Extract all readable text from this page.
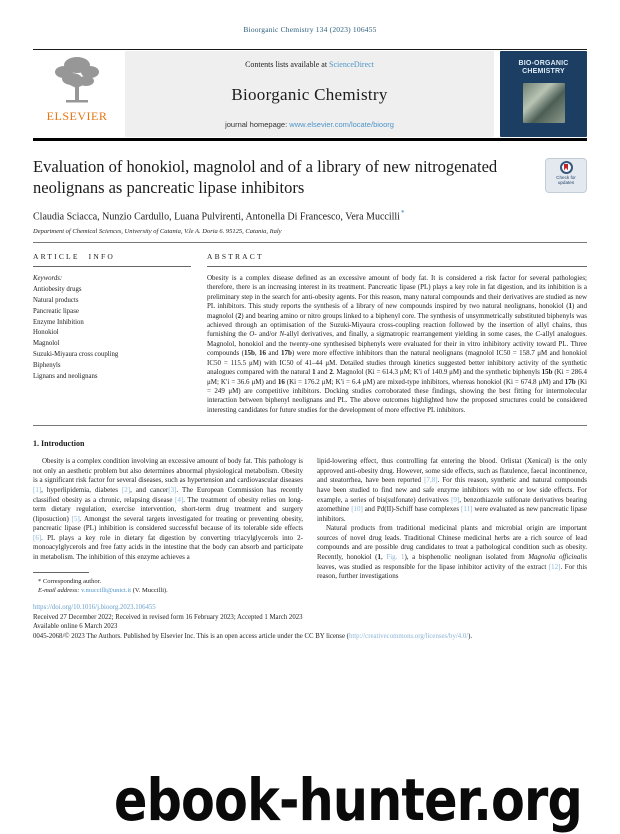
Bioorganic Chemistry 134 (2023) 106455
ELSEVIER
Contents lists available at ScienceDirect
Bioorganic Chemistry
journal homepage: www.elsevier.com/locate/bioorg
BIO-ORGANIC
CHEMISTRY
Evaluation of honokiol, magnolol and of a library of new nitrogenated neolignans as pancreatic lipase inhibitors
Check for updates
Claudia Sciacca, Nunzio Cardullo, Luana Pulvirenti, Antonella Di Francesco, Vera Muccilli*
Department of Chemical Sciences, University of Catania, V.le A. Doria 6. 95125, Catania, Italy
ARTICLE INFO
Keywords:
Antiobesity drugs
Natural products
Pancreatic lipase
Enzyme Inhibition
Honokiol
Magnolol
Suzuki-Miyaura cross coupling
Biphenyls
Lignans and neolignans
ABSTRACT
Obesity is a complex disease defined as an excessive amount of body fat. It is considered a risk factor for several pathologies; therefore, there is an increasing interest in its treatment. Pancreatic lipase (PL) plays a key role in fat digestion, and its inhibition is a preliminary step in the search for anti-obesity agents. For this reason, many natural compounds and their derivatives are studied as new PL inhibitors. This study reports the synthesis of a library of new compounds inspired by two natural neolignans, honokiol (1) and magnolol (2) and bearing amino or nitro groups linked to a biphenyl core. The synthesis of unsymmetrically substituted biphenyls was achieved through an optimisation of the Suzuki-Miyaura cross-coupling reaction followed by the insertion of allyl chains, thus furnishing the O- and/or N-allyl derivatives, and finally, a sigmatropic rearrangement yielding in some cases, the C-allyl analogues. Magnolol, honokiol and the twenty-one synthesised biphenyls were evaluated for their in vitro inhibitory activity toward PL. Three compounds (15b, 16 and 17b) were more effective inhibitors than the natural neolignans (magnolol IC50 = 158.7 μM and honokiol IC50 = 115.5 μM) with IC50 of 41–44 μM. Detailed studies through kinetics suggested better inhibitory activity of the synthetic analogues compared with the natural 1 and 2. Magnolol (Ki = 614.3 μM; K′i of 140.9 μM) and the synthetic biphenyls 15b (Ki = 286.4 μM; K′i = 36.6 μM) and 16 (Ki = 176.2 μM; K′i = 6.4 μM) are mixed-type inhibitors, whereas honokiol (Ki = 674.8 μM) and 17b (Ki = 249 μM) are competitive inhibitors. Docking studies corroborated these findings, showing the best fitting for intermolecular interaction between biphenyl neolignans and PL. The above outcomes highlighted how the proposed structures could be considered interesting candidates for future studies for the development of more effective PL inhibitors.
1. Introduction

Obesity is a complex condition involving an excessive amount of body fat. This pathology is not only an aesthetic problem but also determines abnormal physiological metabolism. Obesity is a significant risk factor for several diseases, such as hypertension and cardiovascular diseases [1], hyperlipidemia, diabetes [2], and cancer[3]. The European Commission has recently classified obesity as a chronic, relapsing disease [4]. The treatment of obesity relies on long-term dietary regulation, exercise intervention, short-term drug treatment and surgery (liposuction) [5]. Amongst the several targets investigated for treating or preventing obesity, pancreatic lipase (PL) inhibition is considered successful because of its tolerable side effects [6]. PL plays a key role in dietary fat digestion by converting triacylglycerols into 2-monoacylglycerols and free fatty acids in the intestine that the body can absorb and participate in metabolism. The inhibition of this enzyme achieves a

* Corresponding author.
E-mail address: v.muccilli@unict.it (V. Muccilli).

lipid-lowering effect, thus controlling fat entering the blood. Orlistat (Xenical) is the only approved anti-obesity drug. However, some side effects, such as flatulence, faecal incontinence, and steatorrhea, have been reported [7,8]. For this reason, synthetic and natural compounds have been studied to find new and safe enzyme inhibitors with no or low side effects. For example, a series of bis(sulfonate) derivatives [9], benzothiazole sulfonate derivatives bearing azomethine [10] and Pd(II)-Schiff base complexes [11] were evaluated as new pancreatic lipase inhibitors.

Natural products from traditional medicinal plants and microbial origin are important sources of novel drug leads. Traditional Chinese medicinal herbs are a rich source of lead compounds and are possible drug candidates to treat a pathological condition such as obesity. Recently, honokiol (1, Fig. 1), a bisphenolic neolignan isolated from Magnolia officinalis leaves, was studied as responsible for the lipase inhibitor activity of the extract [12]. For this reason, further investigations

https://doi.org/10.1016/j.bioorg.2023.106455
Received 27 December 2022; Received in revised form 16 February 2023; Accepted 1 March 2023
Available online 6 March 2023
0045-2068/© 2023 The Authors. Published by Elsevier Inc. This is an open access article under the CC BY license (http://creativecommons.org/licenses/by/4.0/).
ebook-hunter.org
